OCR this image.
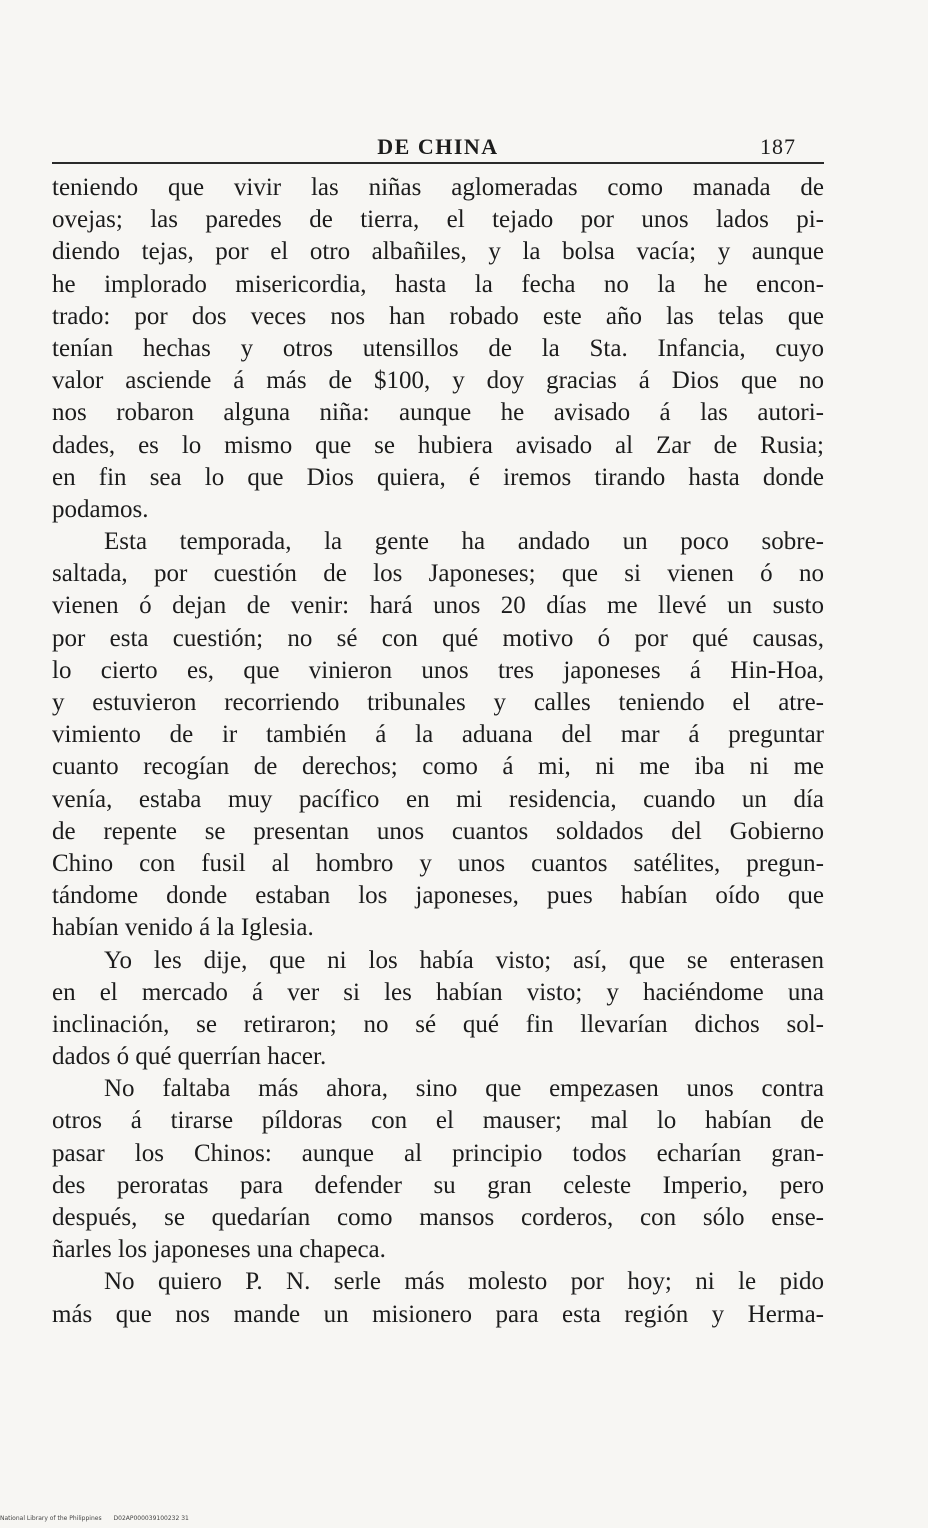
DE CHINA	187
teniendo que vivir las niñas aglomeradas como manada de
ovejas; las paredes de tierra, el tejado por unos lados pi-
diendo tejas, por el otro albañiles, y la bolsa vacía; y aunque
he implorado misericordia, hasta la fecha no la he encon-
trado: por dos veces nos han robado este año las telas que
tenían hechas y otros utensillos de la Sta. Infancia, cuyo
valor asciende á más de $100, y doy gracias á Dios que no
nos robaron alguna niña: aunque he avisado á las autori-
dades, es lo mismo que se hubiera avisado al Zar de Rusia;
en fin sea lo que Dios quiera, é iremos tirando hasta donde
podamos.
Esta temporada, la gente ha andado un poco sobre-
saltada, por cuestión de los Japoneses; que si vienen ó no
vienen ó dejan de venir: hará unos 20 días me llevé un susto
por esta cuestión; no sé con qué motivo ó por qué causas,
lo cierto es, que vinieron unos tres japoneses á Hin-Hoa,
y estuvieron recorriendo tribunales y calles teniendo el atre-
vimiento de ir también á la aduana del mar á preguntar
cuanto recogían de derechos; como á mi, ni me iba ni me
venía, estaba muy pacífico en mi residencia, cuando un día
de repente se presentan unos cuantos soldados del Gobierno
Chino con fusil al hombro y unos cuantos satélites, pregun-
tándome donde estaban los japoneses, pues habían oído que
habían venido á la Iglesia.
Yo les dije, que ni los había visto; así, que se enterasen
en el mercado á ver si les habían visto; y haciéndome una
inclinación, se retiraron; no sé qué fin llevarían dichos sol-
dados ó qué querrían hacer.
No faltaba más ahora, sino que empezasen unos contra
otros á tirarse píldoras con el mauser; mal lo habían de
pasar los Chinos: aunque al principio todos echarían gran-
des peroratas para defender su gran celeste Imperio, pero
después, se quedarían como mansos corderos, con sólo ense-
ñarles los japoneses una chapeca.
No quiero P. N. serle más molesto por hoy; ni le pido
más que nos mande un misionero para esta región y Herma-
National Library of the Philippines D02AP000039100232 31
